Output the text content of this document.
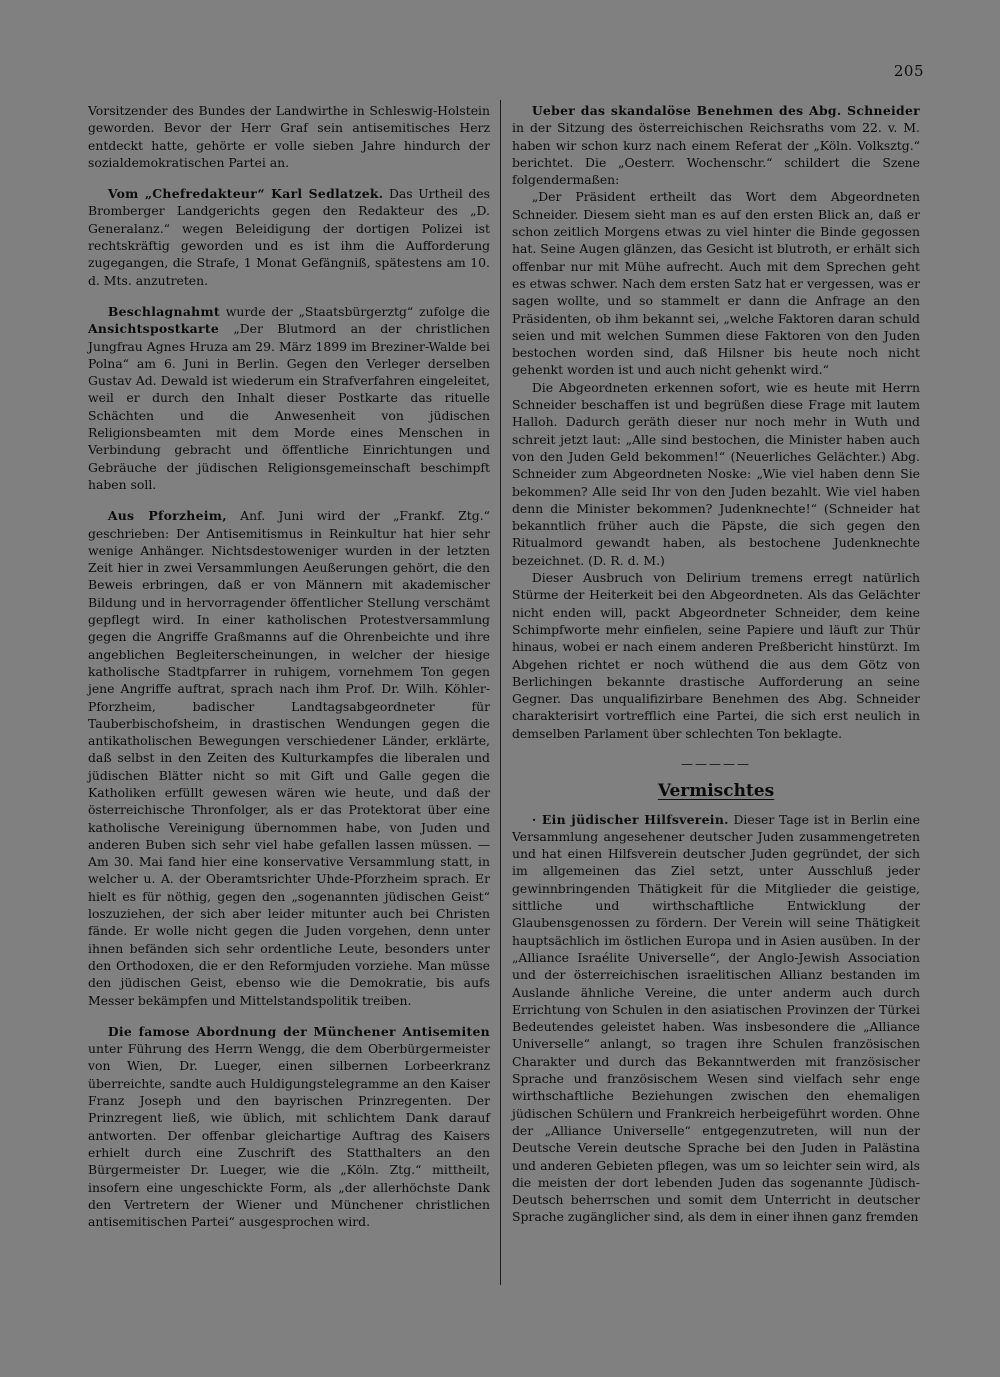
205

Vorsitzender des Bundes der Landwirthe in Schleswig-Holstein geworden. Bevor der Herr Graf sein antisemitisches Herz entdeckt hatte, gehörte er volle sieben Jahre hindurch der sozialdemokratischen Partei an.

Vom „Chefredakteur“ Karl Sedlatzek. Das Urtheil des Bromberger Landgerichts gegen den Redakteur des „D. Generalanz.“ wegen Beleidigung der dortigen Polizei ist rechtskräftig geworden und es ist ihm die Aufforderung zugegangen, die Strafe, 1 Monat Gefängniß, spätestens am 10. d. Mts. anzutreten.

Beschlagnahmt wurde der „Staatsbürgerztg“ zufolge die Ansichtspostkarte „Der Blutmord an der christlichen Jungfrau Agnes Hruza am 29. März 1899 im Breziner-Walde bei Polna“ am 6. Juni in Berlin. Gegen den Verleger derselben Gustav Ad. Dewald ist wiederum ein Strafverfahren eingeleitet, weil er durch den Inhalt dieser Postkarte das rituelle Schächten und die Anwesenheit von jüdischen Religionsbeamten mit dem Morde eines Menschen in Verbindung gebracht und öffentliche Einrichtungen und Gebräuche der jüdischen Religionsgemeinschaft beschimpft haben soll.

Aus Pforzheim, Anf. Juni wird der „Frankf. Ztg.“ geschrieben: Der Antisemitismus in Reinkultur hat hier sehr wenige Anhänger. Nichtsdestoweniger wurden in der letzten Zeit hier in zwei Versammlungen Aeußerungen gehört, die den Beweis erbringen, daß er von Männern mit akademischer Bildung und in hervorragender öffentlicher Stellung verschämt gepflegt wird. In einer katholischen Protestversammlung gegen die Angriffe Graßmanns auf die Ohrenbeichte und ihre angeblichen Begleiterscheinungen, in welcher der hiesige katholische Stadtpfarrer in ruhigem, vornehmem Ton gegen jene Angriffe auftrat, sprach nach ihm Prof. Dr. Wilh. Köhler-Pforzheim, badischer Landtagsabgeordneter für Tauberbischofsheim, in drastischen Wendungen gegen die antikatholischen Bewegungen verschiedener Länder, erklärte, daß selbst in den Zeiten des Kulturkampfes die liberalen und jüdischen Blätter nicht so mit Gift und Galle gegen die Katholiken erfüllt gewesen wären wie heute, und daß der österreichische Thronfolger, als er das Protektorat über eine katholische Vereinigung übernommen habe, von Juden und anderen Buben sich sehr viel habe gefallen lassen müssen. — Am 30. Mai fand hier eine konservative Versammlung statt, in welcher u. A. der Oberamtsrichter Uhde-Pforzheim sprach. Er hielt es für nöthig, gegen den „sogenannten jüdischen Geist“ loszuziehen, der sich aber leider mitunter auch bei Christen fände. Er wolle nicht gegen die Juden vorgehen, denn unter ihnen befänden sich sehr ordentliche Leute, besonders unter den Orthodoxen, die er den Reformjuden vorziehe. Man müsse den jüdischen Geist, ebenso wie die Demokratie, bis aufs Messer bekämpfen und Mittelstandspolitik treiben.

Die famose Abordnung der Münchener Antisemiten unter Führung des Herrn Wengg, die dem Oberbürgermeister von Wien, Dr. Lueger, einen silbernen Lorbeerkranz überreichte, sandte auch Huldigungstelegramme an den Kaiser Franz Joseph und den bayrischen Prinzregenten. Der Prinzregent ließ, wie üblich, mit schlichtem Dank darauf antworten. Der offenbar gleichartige Auftrag des Kaisers erhielt durch eine Zuschrift des Statthalters an den Bürgermeister Dr. Lueger, wie die „Köln. Ztg.“ mittheilt, insofern eine ungeschickte Form, als „der allerhöchste Dank den Vertretern der Wiener und Münchener christlichen antisemitischen Partei“ ausgesprochen wird.

Ueber das skandalöse Benehmen des Abg. Schneider in der Sitzung des österreichischen Reichsraths vom 22. v. M. haben wir schon kurz nach einem Referat der „Köln. Volksztg.“ berichtet. Die „Oesterr. Wochenschr.“ schildert die Szene folgendermaßen:

„Der Präsident ertheilt das Wort dem Abgeordneten Schneider. Diesem sieht man es auf den ersten Blick an, daß er schon zeitlich Morgens etwas zu viel hinter die Binde gegossen hat. Seine Augen glänzen, das Gesicht ist blutroth, er erhält sich offenbar nur mit Mühe aufrecht. Auch mit dem Sprechen geht es etwas schwer. Nach dem ersten Satz hat er vergessen, was er sagen wollte, und so stammelt er dann die Anfrage an den Präsidenten, ob ihm bekannt sei, „welche Faktoren daran schuld seien und mit welchen Summen diese Faktoren von den Juden bestochen worden sind, daß Hilsner bis heute noch nicht gehenkt worden ist und auch nicht gehenkt wird.“

Die Abgeordneten erkennen sofort, wie es heute mit Herrn Schneider beschaffen ist und begrüßen diese Frage mit lautem Halloh. Dadurch geräth dieser nur noch mehr in Wuth und schreit jetzt laut: „Alle sind bestochen, die Minister haben auch von den Juden Geld bekommen!“ (Neuerliches Gelächter.) Abg. Schneider zum Abgeordneten Noske: „Wie viel haben denn Sie bekommen? Alle seid Ihr von den Juden bezahlt. Wie viel haben denn die Minister bekommen? Judenknechte!“ (Schneider hat bekanntlich früher auch die Päpste, die sich gegen den Ritualmord gewandt haben, als bestochene Judenknechte bezeichnet. (D. R. d. M.)

Dieser Ausbruch von Delirium tremens erregt natürlich Stürme der Heiterkeit bei den Abgeordneten. Als das Gelächter nicht enden will, packt Abgeordneter Schneider, dem keine Schimpfworte mehr einfielen, seine Papiere und läuft zur Thür hinaus, wobei er nach einem anderen Preßbericht hinstürzt. Im Abgehen richtet er noch wüthend die aus dem Götz von Berlichingen bekannte drastische Aufforderung an seine Gegner. Das unqualifizirbare Benehmen des Abg. Schneider charakterisirt vortrefflich eine Partei, die sich erst neulich in demselben Parlament über schlechten Ton beklagte.

—————
Vermischtes

· Ein jüdischer Hilfsverein. Dieser Tage ist in Berlin eine Versammlung angesehener deutscher Juden zusammengetreten und hat einen Hilfsverein deutscher Juden gegründet, der sich im allgemeinen das Ziel setzt, unter Ausschluß jeder gewinnbringenden Thätigkeit für die Mitglieder die geistige, sittliche und wirthschaftliche Entwicklung der Glaubensgenossen zu fördern. Der Verein will seine Thätigkeit hauptsächlich im östlichen Europa und in Asien ausüben. In der „Alliance Israélite Universelle“, der Anglo-Jewish Association und der österreichischen israelitischen Allianz bestanden im Auslande ähnliche Vereine, die unter anderm auch durch Errichtung von Schulen in den asiatischen Provinzen der Türkei Bedeutendes geleistet haben. Was insbesondere die „Alliance Universelle“ anlangt, so tragen ihre Schulen französischen Charakter und durch das Bekanntwerden mit französischer Sprache und französischem Wesen sind vielfach sehr enge wirthschaftliche Beziehungen zwischen den ehemaligen jüdischen Schülern und Frankreich herbeigeführt worden. Ohne der „Alliance Universelle“ entgegenzutreten, will nun der Deutsche Verein deutsche Sprache bei den Juden in Palästina und anderen Gebieten pflegen, was um so leichter sein wird, als die meisten der dort lebenden Juden das sogenannte Jüdisch-Deutsch beherrschen und somit dem Unterricht in deutscher Sprache zugänglicher sind, als dem in einer ihnen ganz fremden
